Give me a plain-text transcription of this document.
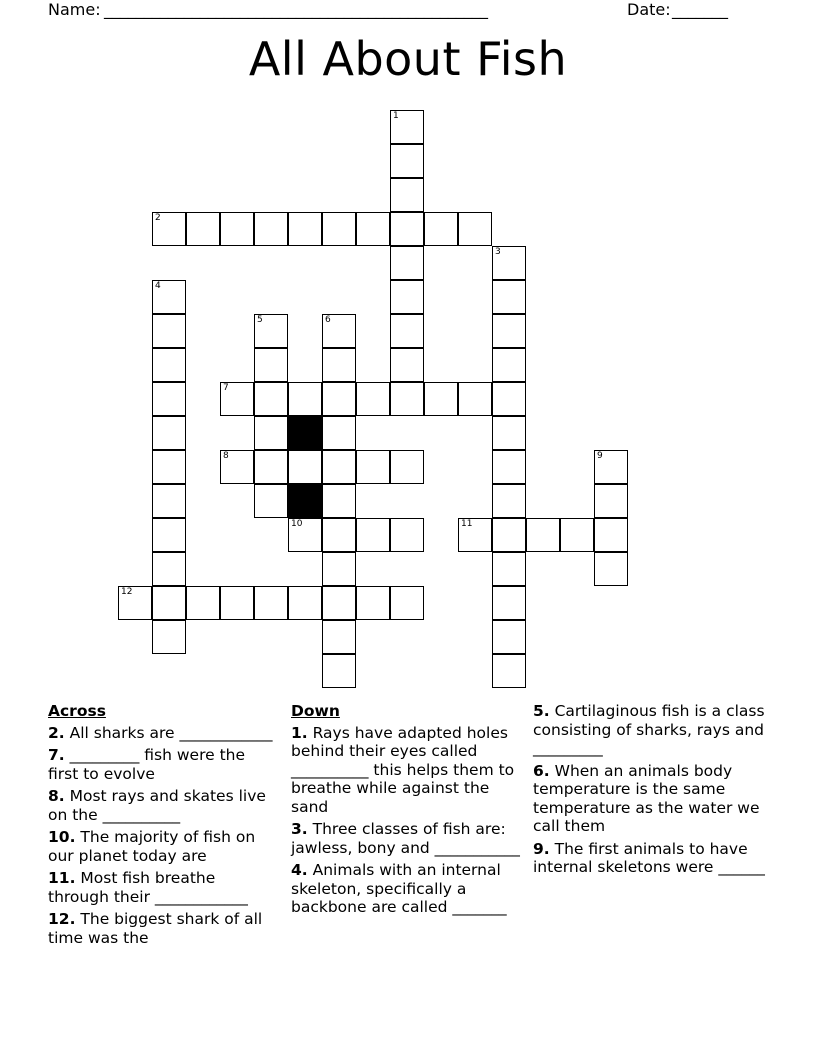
Name: ________________________________________________	Date: _______
All About Fish
1
2
3
4
5	6
7
8	9
10	11
12
Across
2. All sharks are ____________
7. _________ fish were the first to evolve
8. Most rays and skates live on the __________
10. The majority of fish on our planet today are
11. Most fish breathe through their ____________
12. The biggest shark of all time was the
Down
1. Rays have adapted holes behind their eyes called __________ this helps them to breathe while against the sand
3. Three classes of fish are: jawless, bony and ___________
4. Animals with an internal skeleton, specifically a backbone are called _______
5. Cartilaginous fish is a class consisting of sharks, rays and _________
6. When an animals body temperature is the same temperature as the water we call them
9. The first animals to have internal skeletons were ______
